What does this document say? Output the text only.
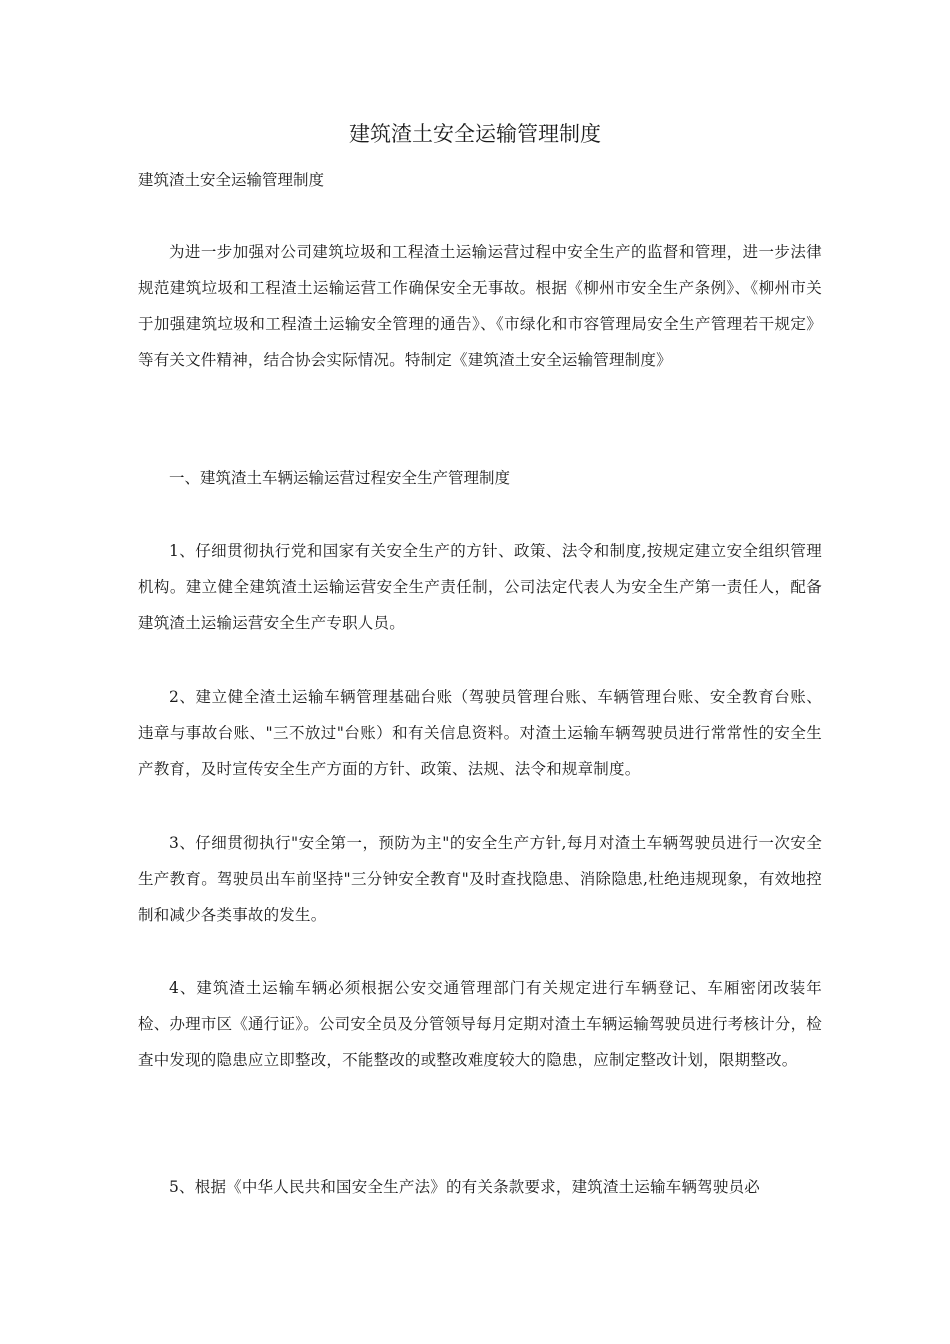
建筑渣土安全运输管理制度

建筑渣土安全运输管理制度

为进一步加强对公司建筑垃圾和工程渣土运输运营过程中安全生产的监督和管理，进一步法律规范建筑垃圾和工程渣土运输运营工作确保安全无事故。根据《柳州市安全生产条例》、《柳州市关于加强建筑垃圾和工程渣土运输安全管理的通告》、《市绿化和市容管理局安全生产管理若干规定》等有关文件精神，结合协会实际情况。特制定《建筑渣土安全运输管理制度》

一、建筑渣土车辆运输运营过程安全生产管理制度

1、仔细贯彻执行党和国家有关安全生产的方针、政策、法令和制度,按规定建立安全组织管理机构。建立健全建筑渣土运输运营安全生产责任制，公司法定代表人为安全生产第一责任人，配备建筑渣土运输运营安全生产专职人员。

2、建立健全渣土运输车辆管理基础台账（驾驶员管理台账、车辆管理台账、安全教育台账、违章与事故台账、"三不放过"台账）和有关信息资料。对渣土运输车辆驾驶员进行常常性的安全生产教育，及时宣传安全生产方面的方针、政策、法规、法令和规章制度。

3、仔细贯彻执行"安全第一，预防为主"的安全生产方针,每月对渣土车辆驾驶员进行一次安全生产教育。驾驶员出车前坚持"三分钟安全教育"及时查找隐患、消除隐患,杜绝违规现象，有效地控制和减少各类事故的发生。

4、建筑渣土运输车辆必须根据公安交通管理部门有关规定进行车辆登记、车厢密闭改装年检、办理市区《通行证》。公司安全员及分管领导每月定期对渣土车辆运输驾驶员进行考核计分，检查中发现的隐患应立即整改，不能整改的或整改难度较大的隐患，应制定整改计划，限期整改。

5、根据《中华人民共和国安全生产法》的有关条款要求，建筑渣土运输车辆驾驶员必
